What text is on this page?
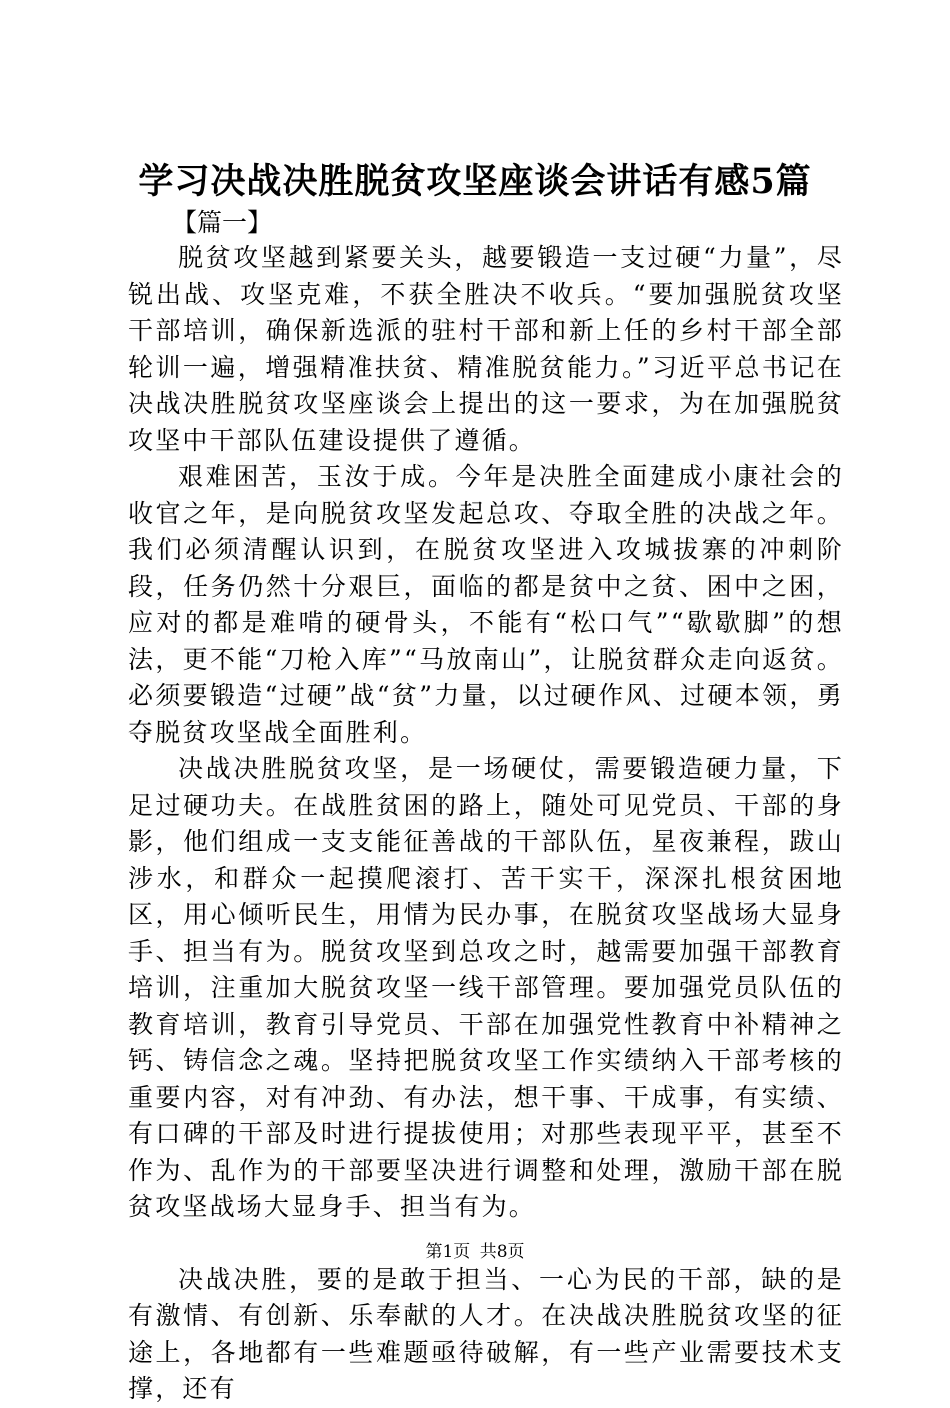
学习决战决胜脱贫攻坚座谈会讲话有感5篇
【篇一】

脱贫攻坚越到紧要关头，越要锻造一支过硬“力量”，尽锐出战、攻坚克难，不获全胜决不收兵。“要加强脱贫攻坚干部培训，确保新选派的驻村干部和新上任的乡村干部全部轮训一遍，增强精准扶贫、精准脱贫能力。”习近平总书记在决战决胜脱贫攻坚座谈会上提出的这一要求，为在加强脱贫攻坚中干部队伍建设提供了遵循。

艰难困苦，玉汝于成。今年是决胜全面建成小康社会的收官之年，是向脱贫攻坚发起总攻、夺取全胜的决战之年。我们必须清醒认识到，在脱贫攻坚进入攻城拔寨的冲刺阶段，任务仍然十分艰巨，面临的都是贫中之贫、困中之困，应对的都是难啃的硬骨头，不能有“松口气”“歇歇脚”的想法，更不能“刀枪入库”“马放南山”，让脱贫群众走向返贫。必须要锻造“过硬”战“贫”力量，以过硬作风、过硬本领，勇夺脱贫攻坚战全面胜利。

决战决胜脱贫攻坚，是一场硬仗，需要锻造硬力量，下足过硬功夫。在战胜贫困的路上，随处可见党员、干部的身影，他们组成一支支能征善战的干部队伍，星夜兼程，跋山涉水，和群众一起摸爬滚打、苦干实干，深深扎根贫困地区，用心倾听民生，用情为民办事，在脱贫攻坚战场大显身手、担当有为。脱贫攻坚到总攻之时，越需要加强干部教育培训，注重加大脱贫攻坚一线干部管理。要加强党员队伍的教育培训，教育引导党员、干部在加强党性教育中补精神之钙、铸信念之魂。坚持把脱贫攻坚工作实绩纳入干部考核的重要内容，对有冲劲、有办法，想干事、干成事，有实绩、有口碑的干部及时进行提拔使用；对那些表现平平，甚至不作为、乱作为的干部要坚决进行调整和处理，激励干部在脱贫攻坚战场大显身手、担当有为。

决战决胜，要的是敢于担当、一心为民的干部，缺的是有激情、有创新、乐奉献的人才。在决战决胜脱贫攻坚的征途上，各地都有一些难题亟待破解，有一些产业需要技术支撑，还有

第1页 共8页
